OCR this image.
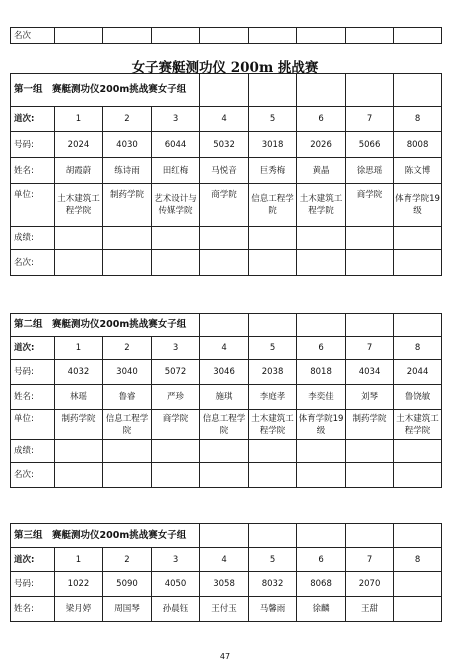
名次								
女子赛艇测功仪 200m 挑战赛
第一组　赛艇测功仪200m挑战赛女子组								
道次:	1	2	3	4	5	6	7	8
号码:	2024	4030	6044	5032	3018	2026	5066	8008
姓名:	胡霞蔚	练诗雨	田红梅	马悦音	巨秀梅	黄晶	徐思瑶	陈文博
单位:	土木建筑工程学院	制药学院	艺术设计与传媒学院	商学院	信息工程学院	土木建筑工程学院	商学院	体育学院19级
成绩:								
名次:								
第二组　赛艇测功仪200m挑战赛女子组								
道次:	1	2	3	4	5	6	7	8
号码:	4032	3040	5072	3046	2038	8018	4034	2044
姓名:	林瑶	鲁睿	严珍	施琪	李庭孝	李奕佳	刘琴	鲁饶敏
单位:	制药学院	信息工程学院	商学院	信息工程学院	土木建筑工程学院	体育学院19级	制药学院	土木建筑工程学院
成绩:								
名次:								
第三组　赛艇测功仪200m挑战赛女子组								
道次:	1	2	3	4	5	6	7	8
号码:	1022	5090	4050	3058	8032	8068	2070	
姓名:	梁月婷	周国琴	孙晨钰	王付玉	马馨雨	徐麟	王甜	
47
